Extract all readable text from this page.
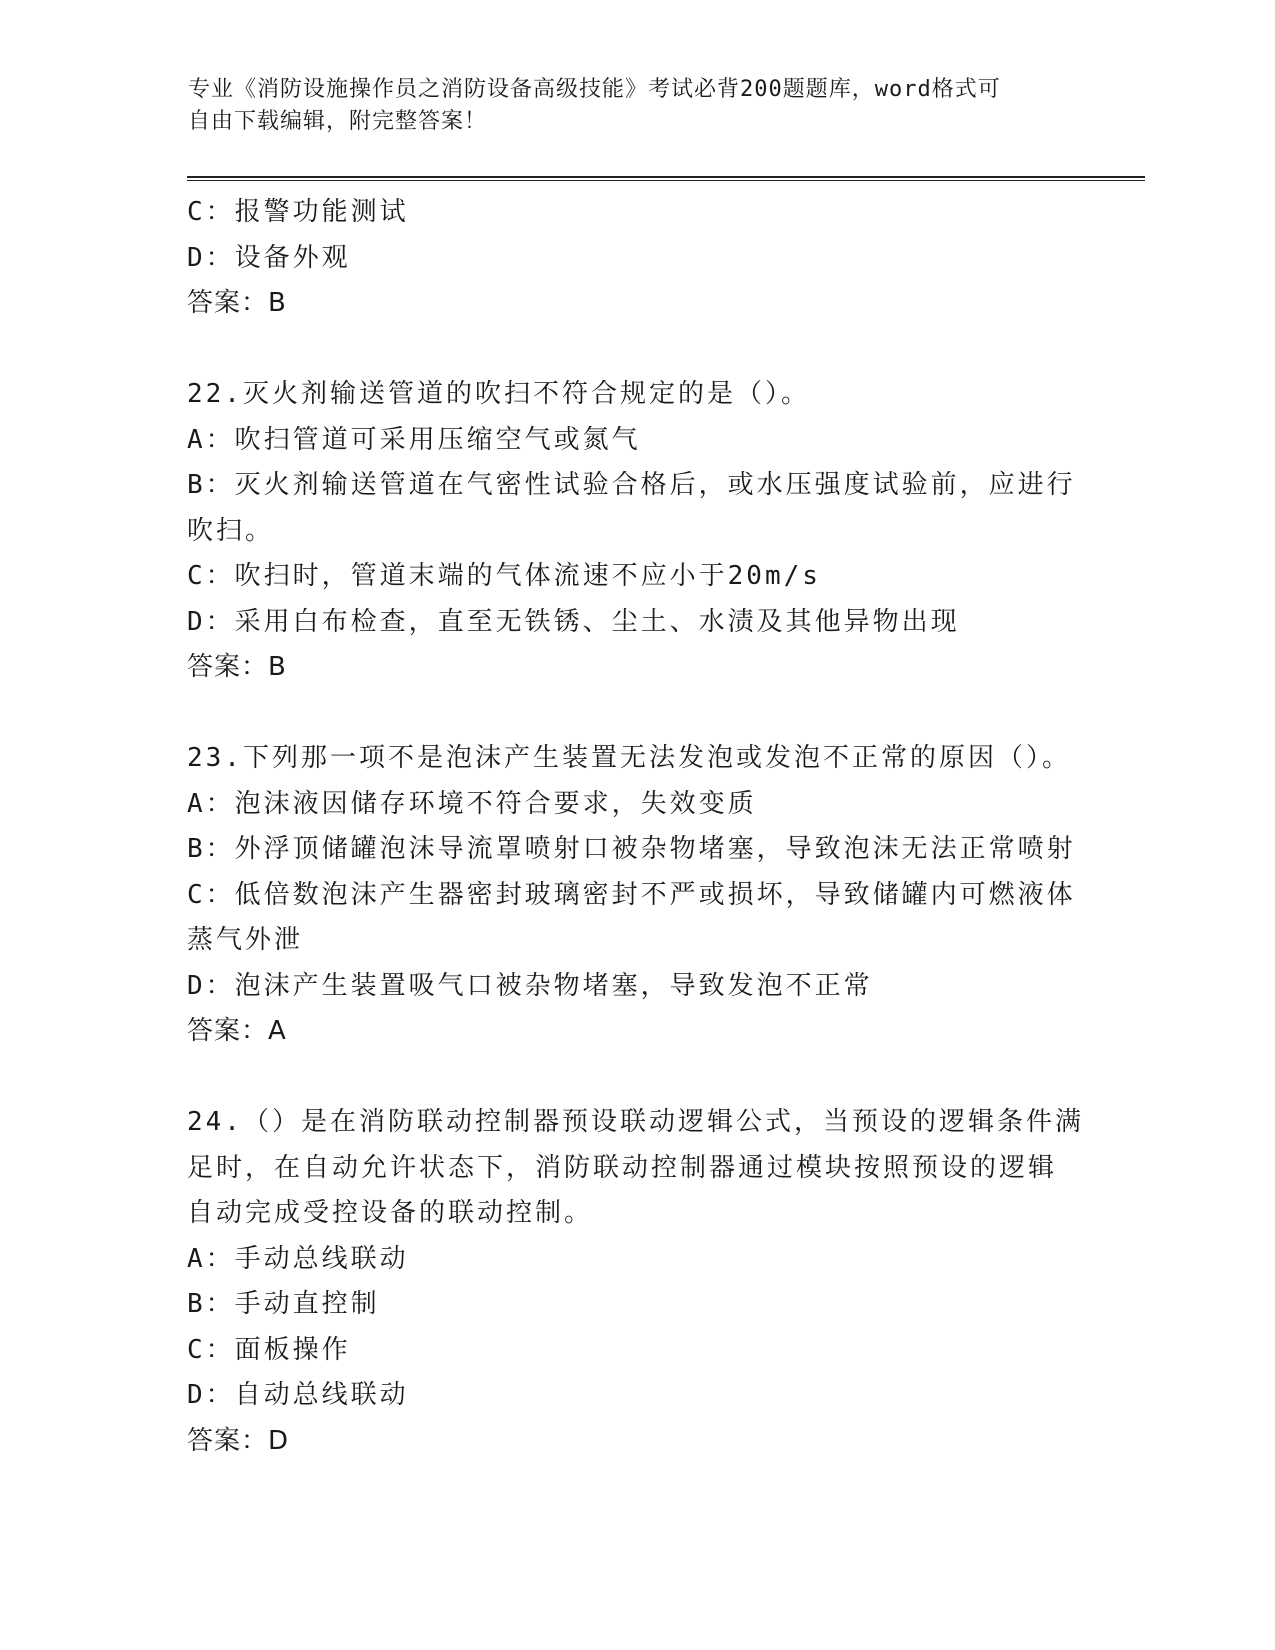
专业《消防设施操作员之消防设备高级技能》考试必背200题题库，word格式可
自由下载编辑，附完整答案！
C：报警功能测试
D：设备外观
答案：B
22.灭火剂输送管道的吹扫不符合规定的是（）。
A：吹扫管道可采用压缩空气或氮气
B：灭火剂输送管道在气密性试验合格后，或水压强度试验前，应进行
吹扫。
C：吹扫时，管道末端的气体流速不应小于20m/s
D：采用白布检查，直至无铁锈、尘土、水渍及其他异物出现
答案：B
23.下列那一项不是泡沫产生装置无法发泡或发泡不正常的原因（）。
A：泡沫液因储存环境不符合要求，失效变质
B：外浮顶储罐泡沫导流罩喷射口被杂物堵塞，导致泡沫无法正常喷射
C：低倍数泡沫产生器密封玻璃密封不严或损坏，导致储罐内可燃液体
蒸气外泄
D：泡沫产生装置吸气口被杂物堵塞，导致发泡不正常
答案：A
24.（）是在消防联动控制器预设联动逻辑公式，当预设的逻辑条件满
足时，在自动允许状态下，消防联动控制器通过模块按照预设的逻辑
自动完成受控设备的联动控制。
A：手动总线联动
B：手动直控制
C：面板操作
D：自动总线联动
答案：D
